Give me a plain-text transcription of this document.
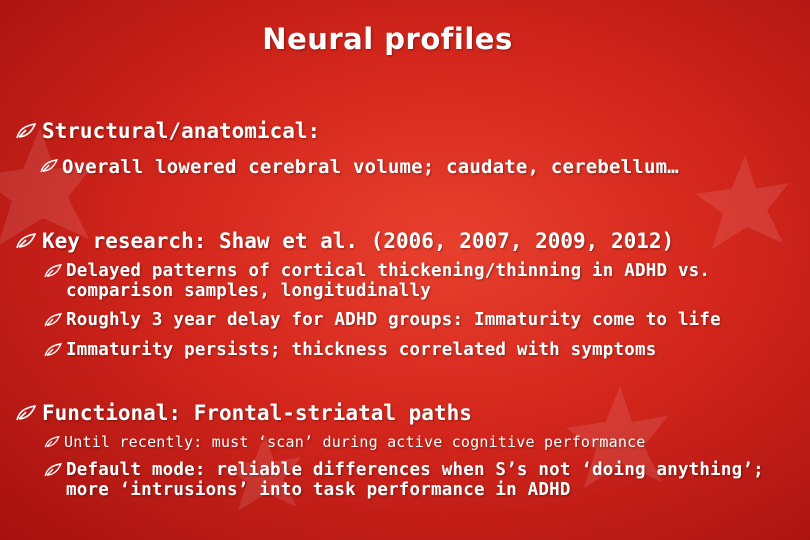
Neural profiles
Structural/anatomical:
Overall lowered cerebral volume; caudate, cerebellum…
Key research: Shaw et al. (2006, 2007, 2009, 2012)
Delayed patterns of cortical thickening/thinning in ADHD vs. comparison samples, longitudinally
Roughly 3 year delay for ADHD groups: Immaturity come to life
Immaturity persists; thickness correlated with symptoms
Functional: Frontal-striatal paths
Until recently: must ‘scan’ during active cognitive performance
Default mode: reliable differences when S’s not ‘doing anything’; more ‘intrusions’ into task performance in ADHD
